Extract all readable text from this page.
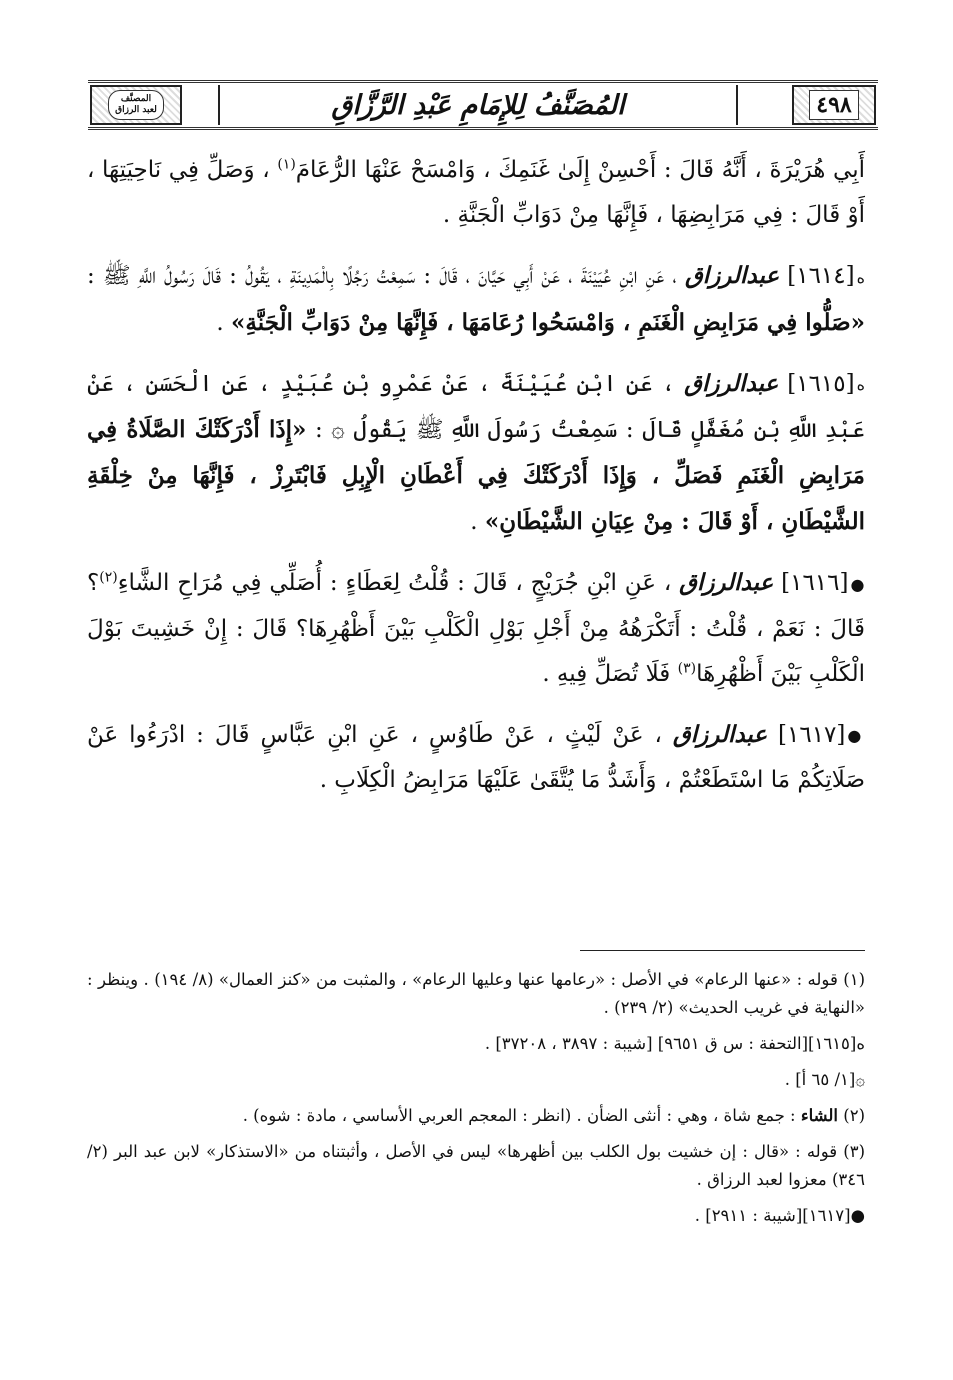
٤٩٨
المُصَنَّفُ لِلإِمَامِ عَبْدِ الرَّزَّاقِ
المصنَّف
لعبد الرزاق

أَبِي هُرَيْرَةَ ، أَنَّهُ قَالَ : أَحْسِنْ إِلَىٰ غَنَمِكَ ، وَامْسَحْ عَنْهَا الرُّعَامَ$^{(١)}$ ، وَصَلِّ فِي نَاحِيَتِهَا ، أَوْ قَالَ : فِي مَرَابِضِهَا ، فَإِنَّهَا مِنْ دَوَابِّ الْجَنَّةِ .

ه[١٦١٤] عبدالرزاق ، عَنِ ابْنِ عُيَيْنَةَ ، عَنْ أَبِي حَيَّانَ ، قَالَ : سَمِعْتُ رَجُلًا بِالْمَدِينَةِ ، يَقُولُ : قَالَ رَسُولُ اللَّهِ ﷺ : «صَلُّوا فِي مَرَابِضِ الْغَنَمِ ، وَامْسَحُوا رُعَامَهَا ، فَإِنَّهَا مِنْ دَوَابِّ الْجَنَّةِ» .

ه[١٦١٥] عبدالرزاق ، عَنِ ابْنِ عُيَيْنَةَ ، عَنْ عَمْرِو بْنِ عُبَيْدٍ ، عَنِ الْحَسَنِ ، عَنْ عَبْدِ اللَّهِ بْنِ مُغَفَّلٍ قَالَ : سَمِعْتُ رَسُولَ اللَّهِ ﷺ يَقُولُ ۞ : «إِذَا أَدْرَكَتْكَ الصَّلَاةُ فِي مَرَابِضِ الْغَنَمِ فَصَلِّ ، وَإِذَا أَدْرَكَتْكَ فِي أَعْطَانِ الْإِبِلِ فَابْتَرِزْ ، فَإِنَّهَا مِنْ خِلْقَةِ الشَّيْطَانِ ، أَوْ قَالَ : مِنْ عِيَانِ الشَّيْطَانِ» .

●[١٦١٦] عبدالرزاق ، عَنِ ابْنِ جُرَيْجٍ ، قَالَ : قُلْتُ لِعَطَاءٍ : أُصَلِّي فِي مُرَاحِ الشَّاءِ$^{(٢)}$؟ قَالَ : نَعَمْ ، قُلْتُ : أَتَكْرَهُهُ مِنْ أَجْلِ بَوْلِ الْكَلْبِ بَيْنَ أَظْهُرِهَا؟ قَالَ : إِنْ خَشِيتَ بَوْلَ الْكَلْبِ بَيْنَ أَظْهُرِهَا$^{(٣)}$ فَلَا تُصَلِّ فِيهِ .

●[١٦١٧] عبدالرزاق ، عَنْ لَيْثٍ ، عَنْ طَاوُسٍ ، عَنِ ابْنِ عَبَّاسٍ قَالَ : ادْرَءُوا عَنْ صَلَاتِكُمْ مَا اسْتَطَعْتُمْ ، وَأَشَدُّ مَا يُتَّقَىٰ عَلَيْهَا مَرَابِضُ الْكِلَابِ .

(١) قوله : «عنها الرعام» في الأصل : «رعامها عنها وعليها الرعام» ، والمثبت من «كنز العمال» (٨/ ١٩٤) . وينظر : «النهاية في غريب الحديث» (٢/ ٢٣٩) .

ه[١٦١٥][التحفة : س ق ٩٦٥١] [شيبة : ٣٨٩٧ ، ٣٧٢٠٨] .

۞[١/ ٦٥ أ] .

(٢) الشاء : جمع شاة ، وهي : أنثى الضأن . (انظر : المعجم العربي الأساسي ، مادة : شوه) .

(٣) قوله : «قال : إن خشيت بول الكلب بين أظهرها» ليس في الأصل ، وأثبتناه من «الاستذكار» لابن عبد البر (٢/ ٣٤٦) معزوا لعبد الرزاق .

●[١٦١٧][شيبة : ٢٩١١] .
